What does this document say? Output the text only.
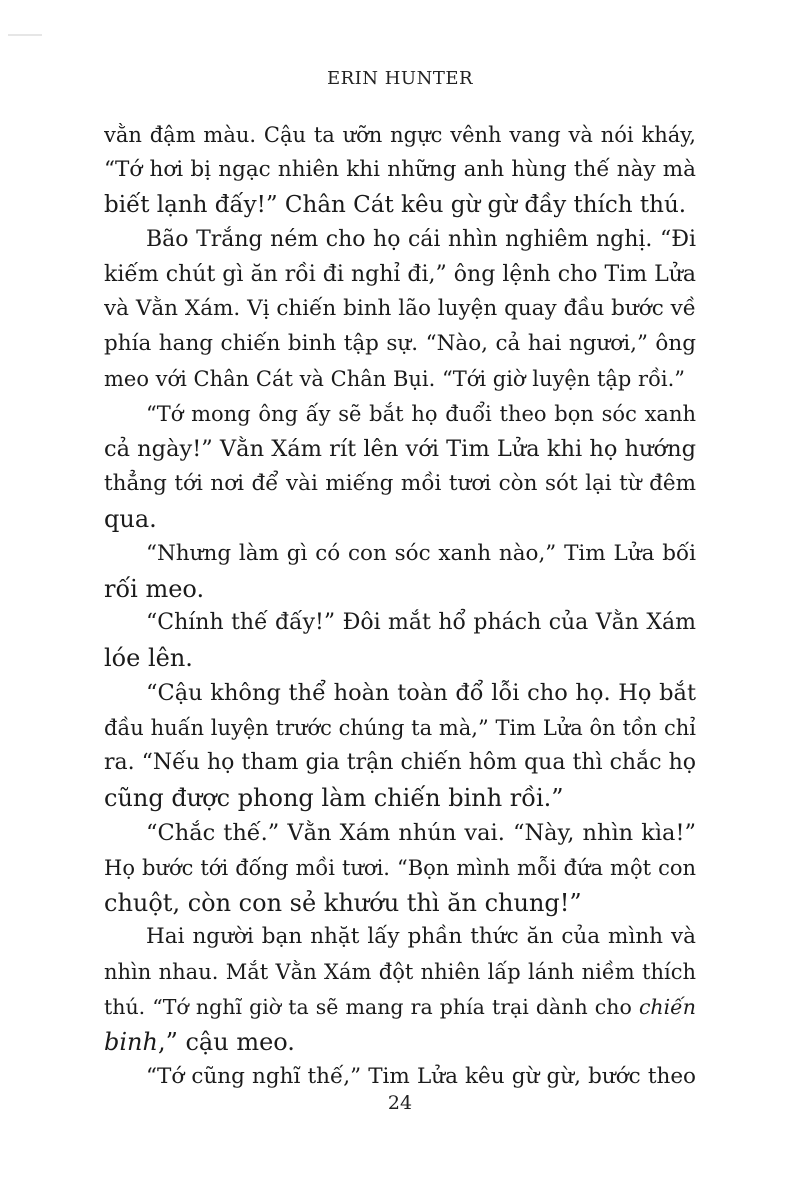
ERIN HUNTER
vằn đậm màu. Cậu ta ưỡn ngực vênh vang và nói kháy,
“Tớ hơi bị ngạc nhiên khi những anh hùng thế này mà
biết lạnh đấy!” Chân Cát kêu gừ gừ đầy thích thú.
Bão Trắng ném cho họ cái nhìn nghiêm nghị. “Đi
kiếm chút gì ăn rồi đi nghỉ đi,” ông lệnh cho Tim Lửa
và Vằn Xám. Vị chiến binh lão luyện quay đầu bước về
phía hang chiến binh tập sự. “Nào, cả hai ngươi,” ông
meo với Chân Cát và Chân Bụi. “Tới giờ luyện tập rồi.”
“Tớ mong ông ấy sẽ bắt họ đuổi theo bọn sóc xanh
cả ngày!” Vằn Xám rít lên với Tim Lửa khi họ hướng
thẳng tới nơi để vài miếng mồi tươi còn sót lại từ đêm
qua.
“Nhưng làm gì có con sóc xanh nào,” Tim Lửa bối
rối meo.
“Chính thế đấy!” Đôi mắt hổ phách của Vằn Xám
lóe lên.
“Cậu không thể hoàn toàn đổ lỗi cho họ. Họ bắt
đầu huấn luyện trước chúng ta mà,” Tim Lửa ôn tồn chỉ
ra. “Nếu họ tham gia trận chiến hôm qua thì chắc họ
cũng được phong làm chiến binh rồi.”
“Chắc thế.” Vằn Xám nhún vai. “Này, nhìn kìa!”
Họ bước tới đống mồi tươi. “Bọn mình mỗi đứa một con
chuột, còn con sẻ khướu thì ăn chung!”
Hai người bạn nhặt lấy phần thức ăn của mình và
nhìn nhau. Mắt Vằn Xám đột nhiên lấp lánh niềm thích
thú. “Tớ nghĩ giờ ta sẽ mang ra phía trại dành cho chiến
binh,” cậu meo.
“Tớ cũng nghĩ thế,” Tim Lửa kêu gừ gừ, bước theo
24
